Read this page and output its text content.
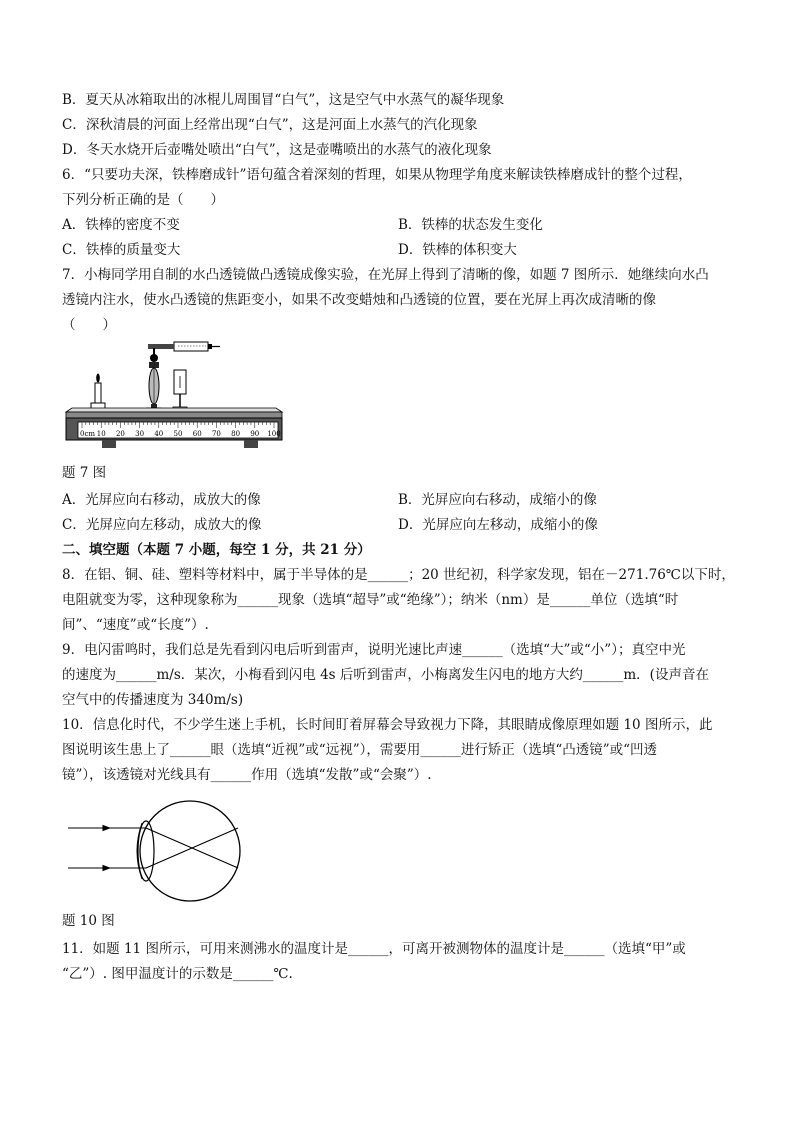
B．夏天从冰箱取出的冰棍儿周围冒“白气”，这是空气中水蒸气的凝华现象
C．深秋清晨的河面上经常出现“白气”，这是河面上水蒸气的汽化现象
D．冬天水烧开后壶嘴处喷出“白气”，这是壶嘴喷出的水蒸气的液化现象
6．“只要功夫深，铁棒磨成针”语句蕴含着深刻的哲理，如果从物理学角度来解读铁棒磨成针的整个过程，
下列分析正确的是（　　）
A．铁棒的密度不变	B．铁棒的状态发生变化
C．铁棒的质量变大	D．铁棒的体积变大
7．小梅同学用自制的水凸透镜做凸透镜成像实验，在光屏上得到了清晰的像，如题 7 图所示．她继续向水凸
透镜内注水，使水凸透镜的焦距变小，如果不改变蜡烛和凸透镜的位置，要在光屏上再次成清晰的像
（　　）
0cm 10 20 30 40 50 60 70 80 90 100
题 7 图
A．光屏应向右移动，成放大的像	B．光屏应向右移动，成缩小的像
C．光屏应向左移动，成放大的像	D．光屏应向左移动，成缩小的像
二、填空题（本题 7 小题，每空 1 分，共 21 分）
8．在铝、铜、硅、塑料等材料中，属于半导体的是______；20 世纪初，科学家发现，铝在－271.76℃以下时，
电阻就变为零，这种现象称为______现象（选填“超导”或“绝缘”）；纳米（nm）是______单位（选填“时
间”、“速度”或“长度”）.
9．电闪雷鸣时，我们总是先看到闪电后听到雷声，说明光速比声速______（选填“大”或“小”）；真空中光
的速度为______m/s．某次，小梅看到闪电 4s 后听到雷声，小梅离发生闪电的地方大约______m．(设声音在
空气中的传播速度为 340m/s)
10．信息化时代，不少学生迷上手机，长时间盯着屏幕会导致视力下降，其眼睛成像原理如题 10 图所示，此
图说明该生患上了______眼（选填“近视”或“远视”），需要用______进行矫正（选填“凸透镜”或“凹透
镜”），该透镜对光线具有______作用（选填“发散”或“会聚”）.
题 10 图
11．如题 11 图所示，可用来测沸水的温度计是______，可离开被测物体的温度计是______（选填“甲”或
“乙”）. 图甲温度计的示数是______℃.
